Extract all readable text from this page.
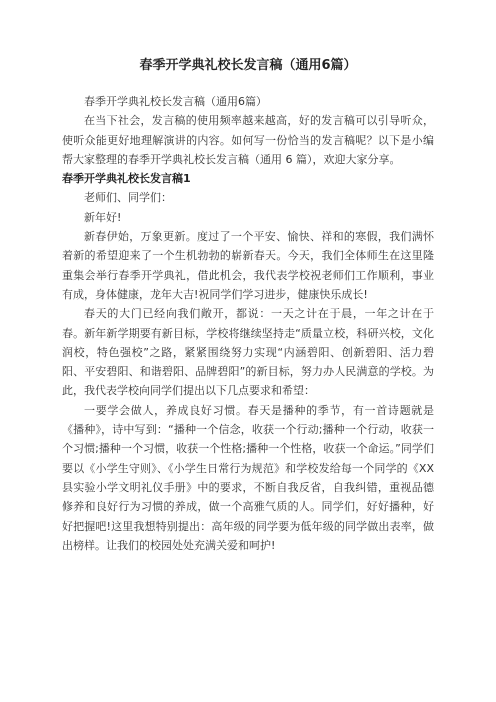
春季开学典礼校长发言稿（通用6篇）

春季开学典礼校长发言稿（通用6篇）

在当下社会，发言稿的使用频率越来越高，好的发言稿可以引导听众，使听众能更好地理解演讲的内容。如何写一份恰当的发言稿呢？以下是小编帮大家整理的春季开学典礼校长发言稿（通用 6 篇），欢迎大家分享。

春季开学典礼校长发言稿1

老师们、同学们：

新年好!

新春伊始，万象更新。度过了一个平安、愉快、祥和的寒假，我们满怀着新的希望迎来了一个生机勃勃的崭新春天。今天，我们全体师生在这里隆重集会举行春季开学典礼，借此机会，我代表学校祝老师们工作顺利，事业有成，身体健康，龙年大吉!祝同学们学习进步，健康快乐成长!

春天的大门已经向我们敞开，都说：一天之计在于晨，一年之计在于春。新年新学期要有新目标，学校将继续坚持走“质量立校，科研兴校，文化润校，特色强校”之路，紧紧围绕努力实现“内涵碧阳、创新碧阳、活力碧阳、平安碧阳、和谐碧阳、品牌碧阳”的新目标，努力办人民满意的学校。为此，我代表学校向同学们提出以下几点要求和希望：

一要学会做人，养成良好习惯。春天是播种的季节，有一首诗题就是《播种》，诗中写到：“播种一个信念，收获一个行动;播种一个行动，收获一个习惯;播种一个习惯，收获一个性格;播种一个性格，收获一个命运。”同学们要以《小学生守则》、《小学生日常行为规范》和学校发给每一个同学的《XX 县实验小学文明礼仪手册》中的要求，不断自我反省，自我纠错，重视品德修养和良好行为习惯的养成，做一个高雅气质的人。同学们，好好播种，好好把握吧!这里我想特别提出：高年级的同学要为低年级的同学做出表率，做出榜样。让我们的校园处处充满关爱和呵护!
